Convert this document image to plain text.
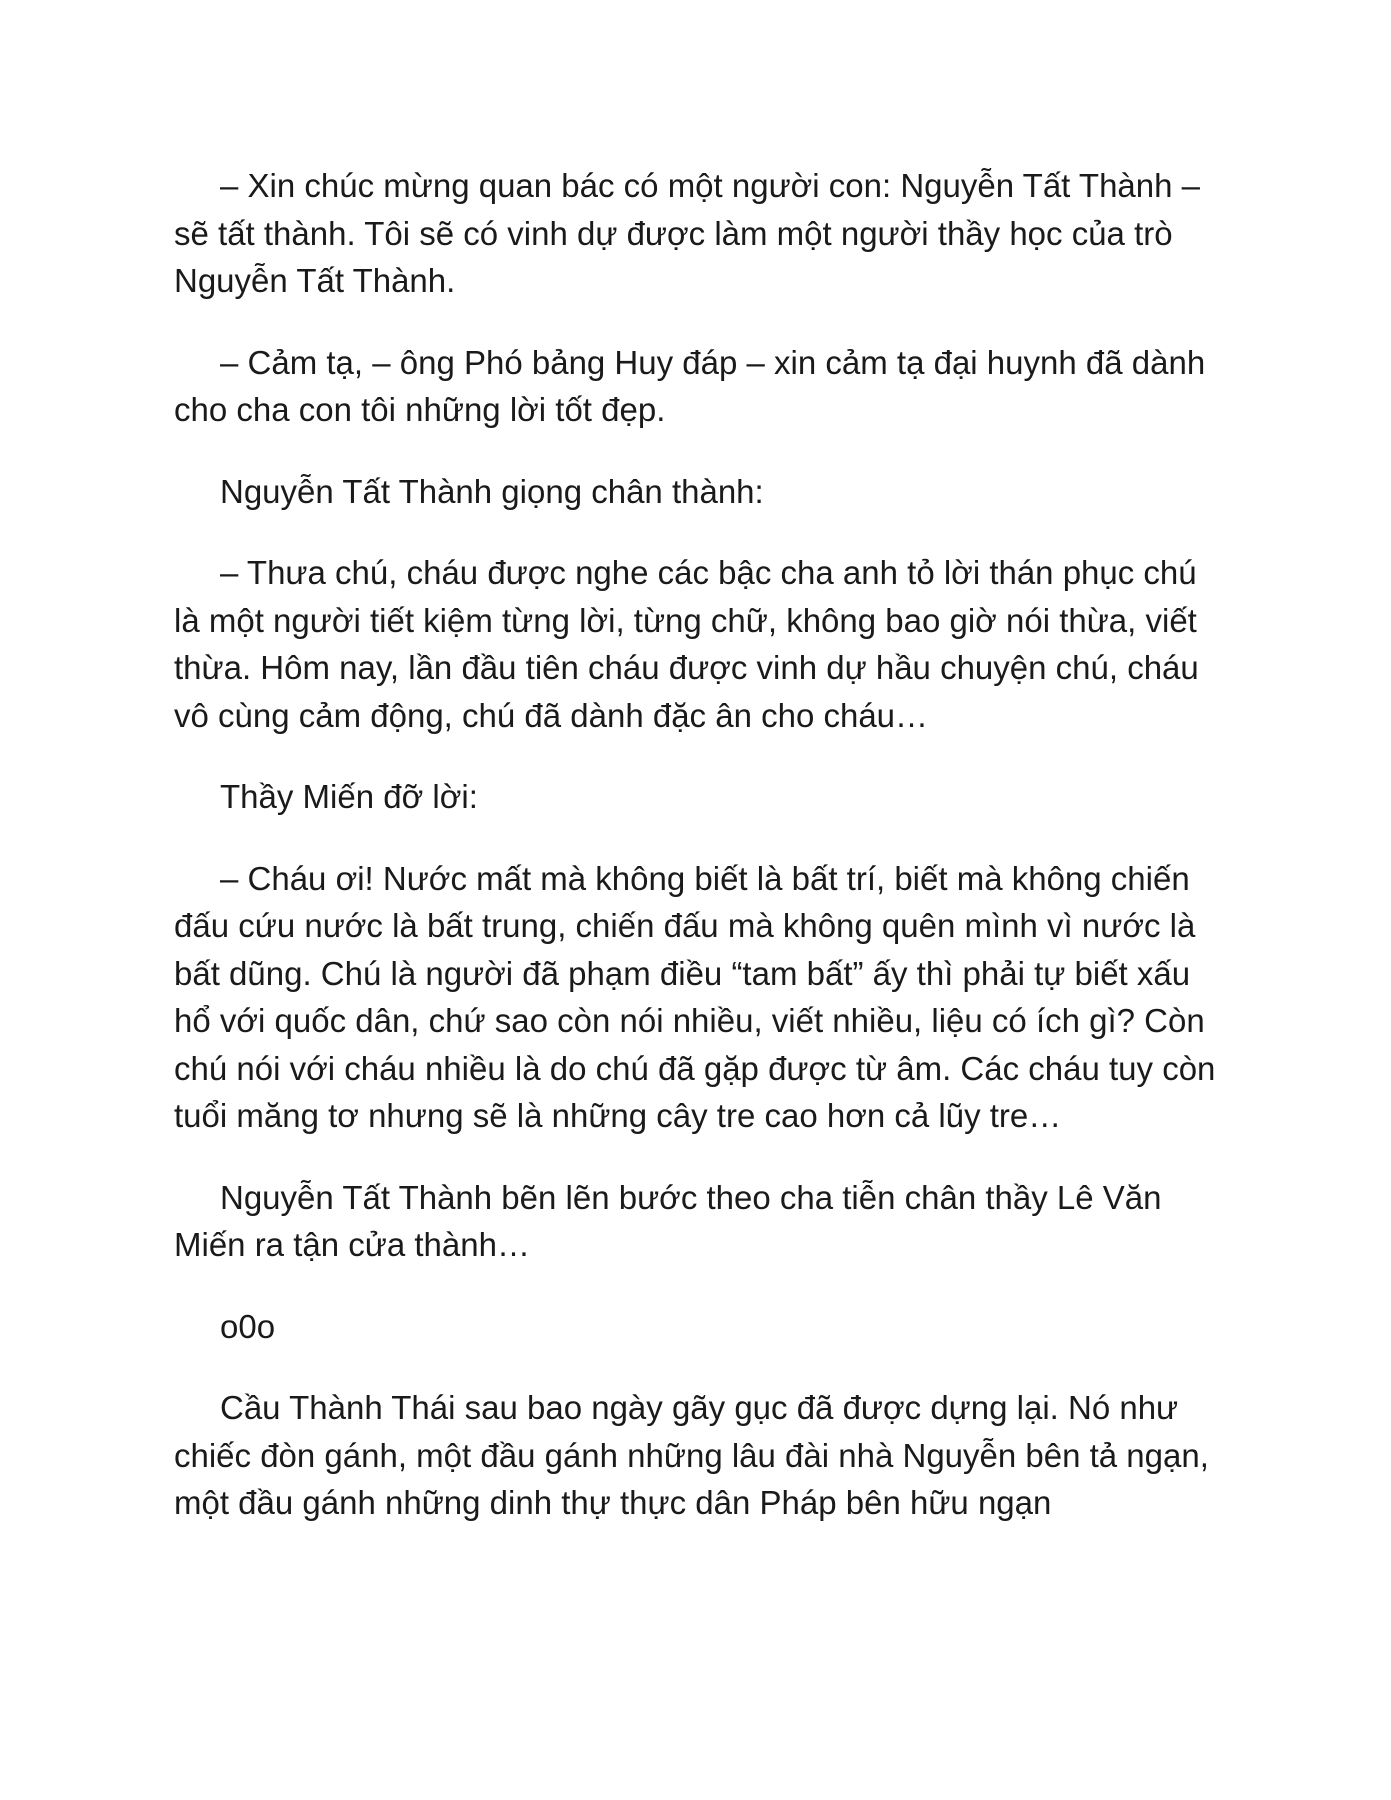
– Xin chúc mừng quan bác có một người con: Nguyễn Tất Thành – sẽ tất thành. Tôi sẽ có vinh dự được làm một người thầy học của trò Nguyễn Tất Thành.

– Cảm tạ, – ông Phó bảng Huy đáp – xin cảm tạ đại huynh đã dành cho cha con tôi những lời tốt đẹp.

Nguyễn Tất Thành giọng chân thành:

– Thưa chú, cháu được nghe các bậc cha anh tỏ lời thán phục chú là một người tiết kiệm từng lời, từng chữ, không bao giờ nói thừa, viết thừa. Hôm nay, lần đầu tiên cháu được vinh dự hầu chuyện chú, cháu vô cùng cảm động, chú đã dành đặc ân cho cháu…

Thầy Miến đỡ lời:

– Cháu ơi! Nước mất mà không biết là bất trí, biết mà không chiến đấu cứu nước là bất trung, chiến đấu mà không quên mình vì nước là bất dũng. Chú là người đã phạm điều “tam bất” ấy thì phải tự biết xấu hổ với quốc dân, chứ sao còn nói nhiều, viết nhiều, liệu có ích gì? Còn chú nói với cháu nhiều là do chú đã gặp được từ âm. Các cháu tuy còn tuổi măng tơ nhưng sẽ là những cây tre cao hơn cả lũy tre…

Nguyễn Tất Thành bẽn lẽn bước theo cha tiễn chân thầy Lê Văn Miến ra tận cửa thành…

o0o

Cầu Thành Thái sau bao ngày gãy gục đã được dựng lại. Nó như chiếc đòn gánh, một đầu gánh những lâu đài nhà Nguyễn bên tả ngạn, một đầu gánh những dinh thự thực dân Pháp bên hữu ngạn
